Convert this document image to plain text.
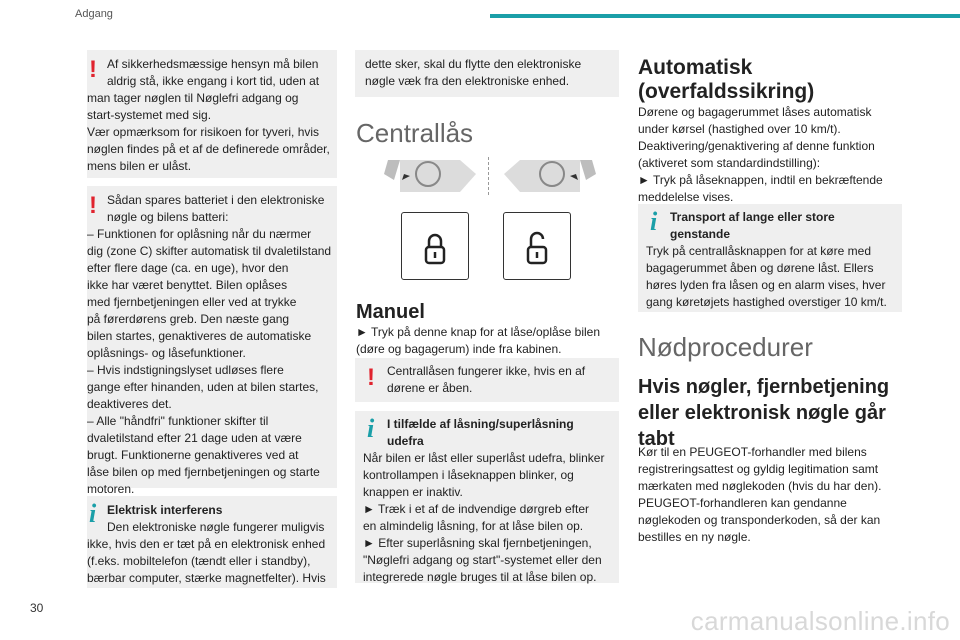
Adgang
30	carmanualsonline.info
! Af sikkerhedsmæssige hensyn må bilen

aldrig stå, ikke engang i kort tid, uden at

man tager nøglen til Nøglefri adgang og

start-systemet med sig.

Vær opmærksom for risikoen for tyveri, hvis

nøglen findes på et af de definerede områder,

mens bilen er ulåst.

! Sådan spares batteriet i den elektroniske

nøgle og bilens batteri:

– Funktionen for oplåsning når du nærmer

dig (zone C) skifter automatisk til dvaletilstand

efter flere dage (ca. en uge), hvor den

ikke har været benyttet. Bilen oplåses

med fjernbetjeningen eller ved at trykke

på førerdørens greb. Den næste gang

bilen startes, genaktiveres de automatiske

oplåsnings- og låsefunktioner.

– Hvis indstigningslyset udløses flere

gange efter hinanden, uden at bilen startes,

deaktiveres det.

– Alle "håndfri" funktioner skifter til

dvaletilstand efter 21 dage uden at være

brugt. Funktionerne genaktiveres ved at

låse bilen op med fjernbetjeningen og starte

motoren.

i Elektrisk interferens

Den elektroniske nøgle fungerer muligvis

ikke, hvis den er tæt på en elektronisk enhed

(f.eks. mobiltelefon (tændt eller i standby),

bærbar computer, stærke magnetfelter). Hvis

dette sker, skal du flytte den elektroniske

nøgle væk fra den elektroniske enhed.

Centrallås
Manuel

► Tryk på denne knap for at låse/oplåse bilen

(døre og bagagerum) inde fra kabinen.

! Centrallåsen fungerer ikke, hvis en af

dørene er åben.

i	I tilfælde af låsning/superlåsning

udefra

Når bilen er låst eller superlåst udefra, blinker

kontrollampen i låseknappen blinker, og

knappen er inaktiv.

► Træk i et af de indvendige dørgreb efter

en almindelig låsning, for at låse bilen op.

► Efter superlåsning skal fjernbetjeningen,

"Nøglefri adgang og start"-systemet eller den

integrerede nøgle bruges til at låse bilen op.

Automatisk
(overfaldssikring)

Dørene og bagagerummet låses automatisk

under kørsel (hastighed over 10 km/t).

Deaktivering/genaktivering af denne funktion

(aktiveret som standardindstilling):

► Tryk på låseknappen, indtil en bekræftende

meddelelse vises.

i	Transport af lange eller store

genstande

Tryk på centrallåsknappen for at køre med

bagagerummet åben og dørene låst. Ellers

høres lyden fra låsen og en alarm vises, hver

gang køretøjets hastighed overstiger 10 km/t.

Nødprocedurer
Hvis nøgler, fjernbetjening
eller elektronisk nøgle går
tabt

Kør til en PEUGEOT-forhandler med bilens

registreringsattest og gyldig legitimation samt

mærkaten med nøglekoden (hvis du har den).

PEUGEOT-forhandleren kan gendanne

nøglekoden og transponderkoden, så der kan

bestilles en ny nøgle.
